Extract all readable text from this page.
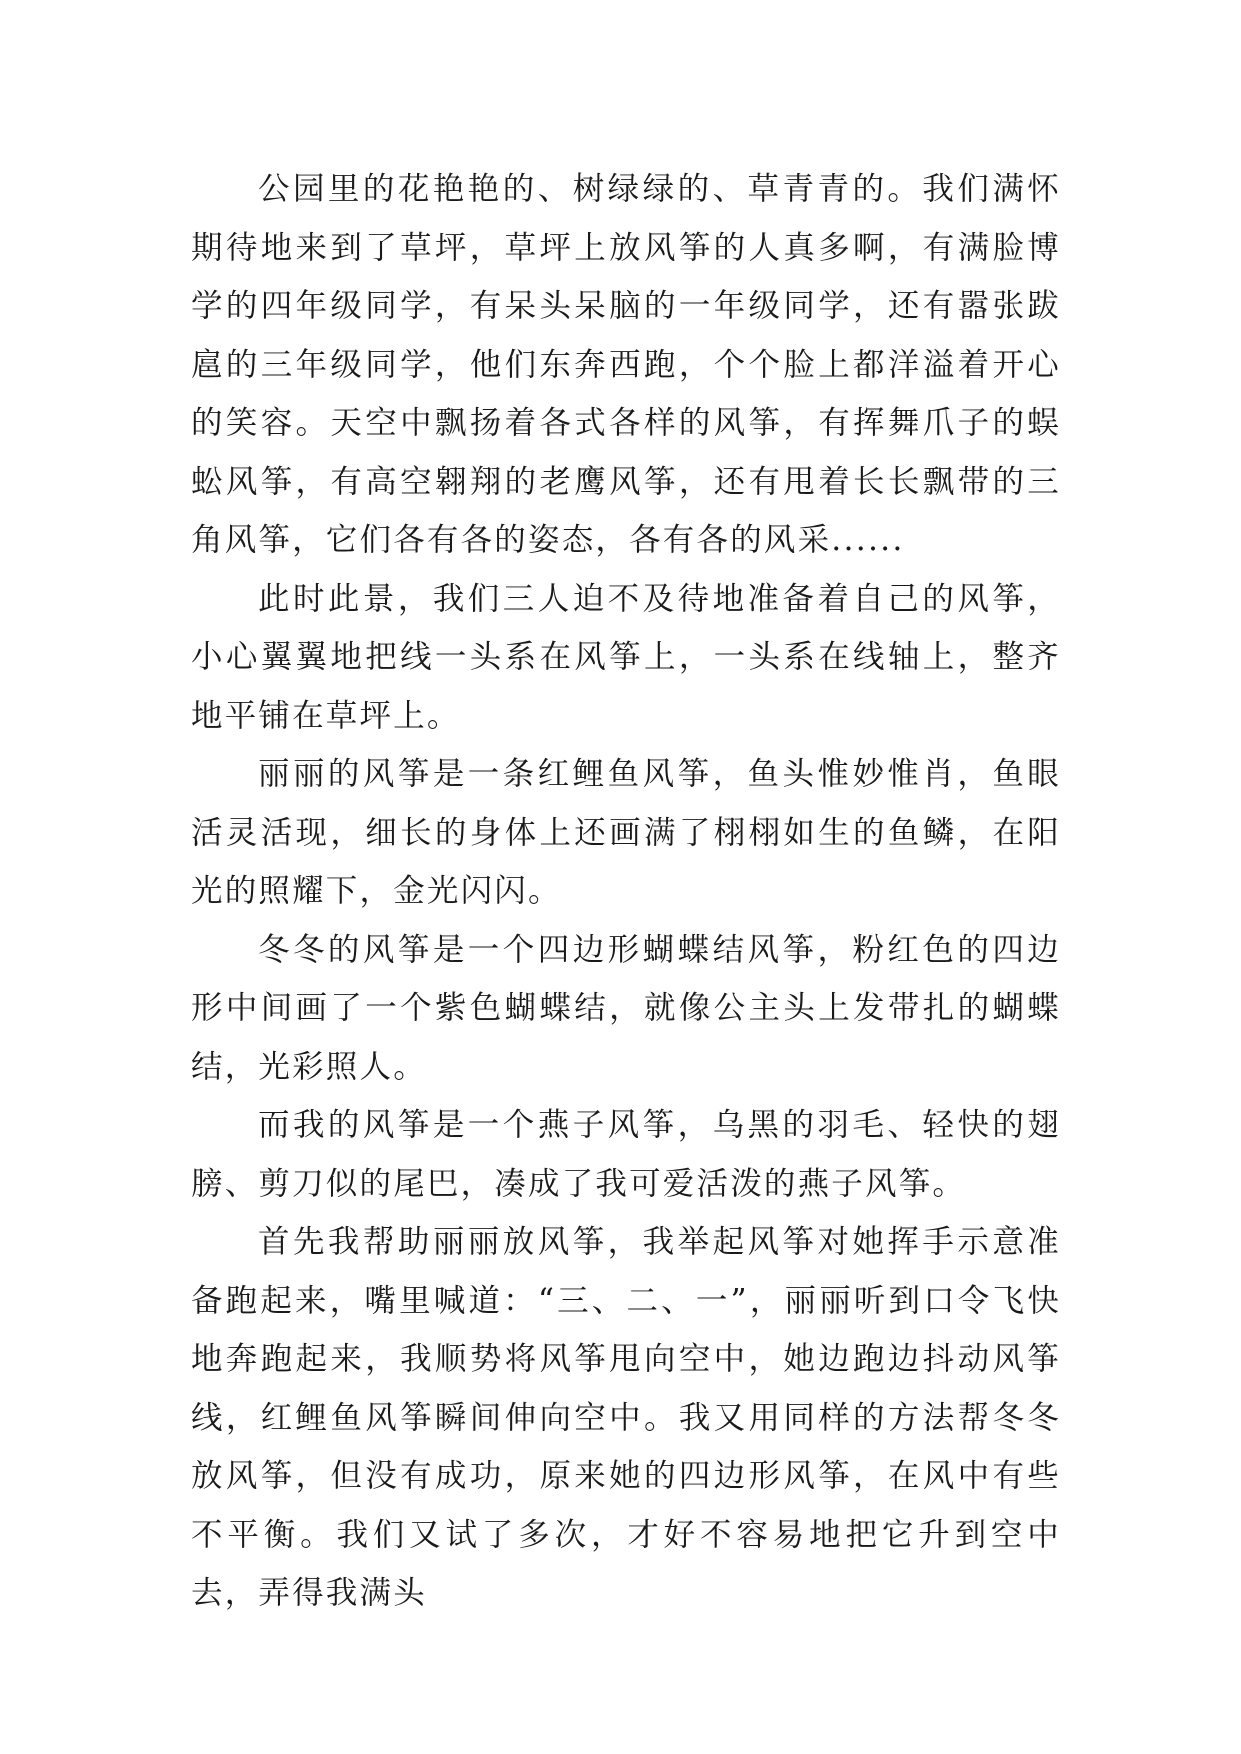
公园里的花艳艳的、树绿绿的、草青青的。我们满怀期待地来到了草坪，草坪上放风筝的人真多啊，有满脸博学的四年级同学，有呆头呆脑的一年级同学，还有嚣张跋扈的三年级同学，他们东奔西跑，个个脸上都洋溢着开心的笑容。天空中飘扬着各式各样的风筝，有挥舞爪子的蜈蚣风筝，有高空翱翔的老鹰风筝，还有甩着长长飘带的三角风筝，它们各有各的姿态，各有各的风采......

此时此景，我们三人迫不及待地准备着自己的风筝，小心翼翼地把线一头系在风筝上，一头系在线轴上，整齐地平铺在草坪上。

丽丽的风筝是一条红鲤鱼风筝，鱼头惟妙惟肖，鱼眼活灵活现，细长的身体上还画满了栩栩如生的鱼鳞，在阳光的照耀下，金光闪闪。

冬冬的风筝是一个四边形蝴蝶结风筝，粉红色的四边形中间画了一个紫色蝴蝶结，就像公主头上发带扎的蝴蝶结，光彩照人。

而我的风筝是一个燕子风筝，乌黑的羽毛、轻快的翅膀、剪刀似的尾巴，凑成了我可爱活泼的燕子风筝。

首先我帮助丽丽放风筝，我举起风筝对她挥手示意准备跑起来，嘴里喊道：“三、二、一”，丽丽听到口令飞快地奔跑起来，我顺势将风筝甩向空中，她边跑边抖动风筝线，红鲤鱼风筝瞬间伸向空中。我又用同样的方法帮冬冬放风筝，但没有成功，原来她的四边形风筝，在风中有些不平衡。我们又试了多次，才好不容易地把它升到空中去，弄得我满头
